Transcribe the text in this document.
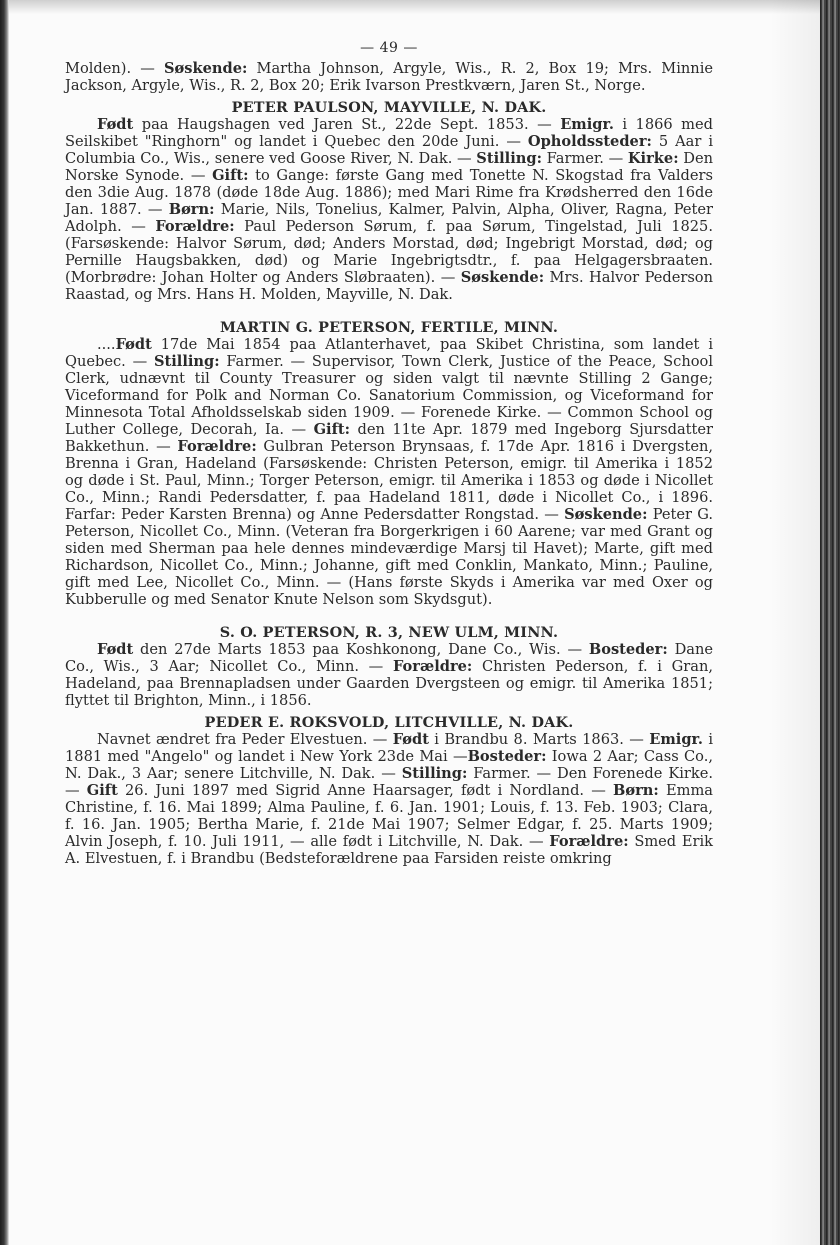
— 49 —

Molden). — Søskende: Martha Johnson, Argyle, Wis., R. 2, Box 19; Mrs. Minnie Jackson, Argyle, Wis., R. 2, Box 20; Erik Ivarson Prestkværn, Jaren St., Norge.

PETER PAULSON, MAYVILLE, N. DAK.

Født paa Haugshagen ved Jaren St., 22de Sept. 1853. — Emigr. i 1866 med Seilskibet "Ringhorn" og landet i Quebec den 20de Juni. — Opholdssteder: 5 Aar i Columbia Co., Wis., senere ved Goose River, N. Dak. — Stilling: Farmer. — Kirke: Den Norske Synode. — Gift: to Gange: første Gang med Tonette N. Skogstad fra Valders den 3die Aug. 1878 (døde 18de Aug. 1886); med Mari Rime fra Krødsherred den 16de Jan. 1887. — Børn: Marie, Nils, Tonelius, Kalmer, Palvin, Alpha, Oliver, Ragna, Peter Adolph. — Forældre: Paul Pederson Sørum, f. paa Sørum, Tingelstad, Juli 1825. (Farsøskende: Halvor Sørum, død; Anders Morstad, død; Ingebrigt Morstad, død; og Pernille Haugsbakken, død) og Marie Ingebrigtsdtr., f. paa Helgagersbraaten. (Morbrødre: Johan Holter og Anders Sløbraaten). — Søskende: Mrs. Halvor Pederson Raastad, og Mrs. Hans H. Molden, Mayville, N. Dak.

MARTIN G. PETERSON, FERTILE, MINN.

....Født 17de Mai 1854 paa Atlanterhavet, paa Skibet Christina, som landet i Quebec. — Stilling: Farmer. — Supervisor, Town Clerk, Justice of the Peace, School Clerk, udnævnt til County Treasurer og siden valgt til nævnte Stilling 2 Gange; Viceformand for Polk and Norman Co. Sanatorium Commission, og Viceformand for Minnesota Total Afholdsselskab siden 1909. — Forenede Kirke. — Common School og Luther College, Decorah, Ia. — Gift: den 11te Apr. 1879 med Ingeborg Sjursdatter Bakkethun. — Forældre: Gulbran Peterson Brynsaas, f. 17de Apr. 1816 i Dvergsten, Brenna i Gran, Hadeland (Farsøskende: Christen Peterson, emigr. til Amerika i 1852 og døde i St. Paul, Minn.; Torger Peterson, emigr. til Amerika i 1853 og døde i Nicollet Co., Minn.; Randi Pedersdatter, f. paa Hadeland 1811, døde i Nicollet Co., i 1896. Farfar: Peder Karsten Brenna) og Anne Pedersdatter Rongstad. — Søskende: Peter G. Peterson, Nicollet Co., Minn. (Veteran fra Borgerkrigen i 60 Aarene; var med Grant og siden med Sherman paa hele dennes mindeværdige Marsj til Havet); Marte, gift med Richardson, Nicollet Co., Minn.; Johanne, gift med Conklin, Mankato, Minn.; Pauline, gift med Lee, Nicollet Co., Minn. — (Hans første Skyds i Amerika var med Oxer og Kubberulle og med Senator Knute Nelson som Skydsgut).

S. O. PETERSON, R. 3, NEW ULM, MINN.

Født den 27de Marts 1853 paa Koshkonong, Dane Co., Wis. — Bosteder: Dane Co., Wis., 3 Aar; Nicollet Co., Minn. — Forældre: Christen Pederson, f. i Gran, Hadeland, paa Brennapladsen under Gaarden Dvergsteen og emigr. til Amerika 1851; flyttet til Brighton, Minn., i 1856.

PEDER E. ROKSVOLD, LITCHVILLE, N. DAK.

Navnet ændret fra Peder Elvestuen. — Født i Brandbu 8. Marts 1863. — Emigr. i 1881 med "Angelo" og landet i New York 23de Mai —Bosteder: Iowa 2 Aar; Cass Co., N. Dak., 3 Aar; senere Litchville, N. Dak. — Stilling: Farmer. — Den Forenede Kirke. — Gift 26. Juni 1897 med Sigrid Anne Haarsager, født i Nordland. — Børn: Emma Christine, f. 16. Mai 1899; Alma Pauline, f. 6. Jan. 1901; Louis, f. 13. Feb. 1903; Clara, f. 16. Jan. 1905; Bertha Marie, f. 21de Mai 1907; Selmer Edgar, f. 25. Marts 1909; Alvin Joseph, f. 10. Juli 1911, — alle født i Litchville, N. Dak. — Forældre: Smed Erik A. Elvestuen, f. i Brandbu (Bedsteforældrene paa Farsiden reiste omkring
